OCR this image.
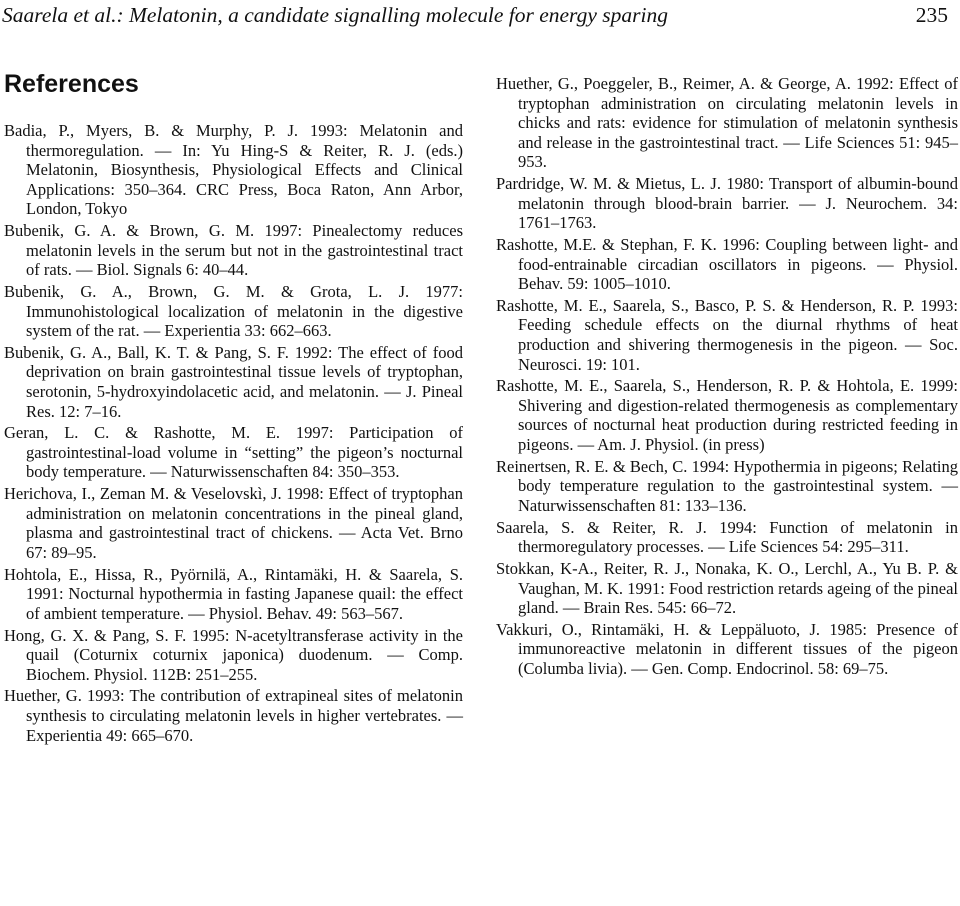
Saarela et al.: Melatonin, a candidate signalling molecule for energy sparing	235
References

Badia, P., Myers, B. & Murphy, P. J. 1993: Melatonin and thermoregulation. — In: Yu Hing-S & Reiter, R. J. (eds.) Melatonin, Biosynthesis, Physiological Effects and Clinical Applications: 350–364. CRC Press, Boca Raton, Ann Arbor, London, Tokyo

Bubenik, G. A. & Brown, G. M. 1997: Pinealectomy reduces melatonin levels in the serum but not in the gastrointestinal tract of rats. — Biol. Signals 6: 40–44.

Bubenik, G. A., Brown, G. M. & Grota, L. J. 1977: Immunohistological localization of melatonin in the digestive system of the rat. — Experientia 33: 662–663.

Bubenik, G. A., Ball, K. T. & Pang, S. F. 1992: The effect of food deprivation on brain gastrointestinal tissue levels of tryptophan, serotonin, 5-hydroxyindolacetic acid, and melatonin. — J. Pineal Res. 12: 7–16.

Geran, L. C. & Rashotte, M. E. 1997: Participation of gastrointestinal-load volume in “setting” the pigeon’s nocturnal body temperature. — Naturwissenschaften 84: 350–353.

Herichova, I., Zeman M. & Veselovskì, J. 1998: Effect of tryptophan administration on melatonin concentrations in the pineal gland, plasma and gastrointestinal tract of chickens. — Acta Vet. Brno 67: 89–95.

Hohtola, E., Hissa, R., Pyörnilä, A., Rintamäki, H. & Saarela, S. 1991: Nocturnal hypothermia in fasting Japanese quail: the effect of ambient temperature. — Physiol. Behav. 49: 563–567.

Hong, G. X. & Pang, S. F. 1995: N-acetyltransferase activity in the quail (Coturnix coturnix japonica) duodenum. — Comp. Biochem. Physiol. 112B: 251–255.

Huether, G. 1993: The contribution of extrapineal sites of melatonin synthesis to circulating melatonin levels in higher vertebrates. — Experientia 49: 665–670.

Huether, G., Poeggeler, B., Reimer, A. & George, A. 1992: Effect of tryptophan administration on circulating melatonin levels in chicks and rats: evidence for stimulation of melatonin synthesis and release in the gastrointestinal tract. — Life Sciences 51: 945–953.

Pardridge, W. M. & Mietus, L. J. 1980: Transport of albumin-bound melatonin through blood-brain barrier. — J. Neurochem. 34: 1761–1763.

Rashotte, M.E. & Stephan, F. K. 1996: Coupling between light- and food-entrainable circadian oscillators in pigeons. — Physiol. Behav. 59: 1005–1010.

Rashotte, M. E., Saarela, S., Basco, P. S. & Henderson, R. P. 1993: Feeding schedule effects on the diurnal rhythms of heat production and shivering thermogenesis in the pigeon. — Soc. Neurosci. 19: 101.

Rashotte, M. E., Saarela, S., Henderson, R. P. & Hohtola, E. 1999: Shivering and digestion-related thermogenesis as complementary sources of nocturnal heat production during restricted feeding in pigeons. — Am. J. Physiol. (in press)

Reinertsen, R. E. & Bech, C. 1994: Hypothermia in pigeons; Relating body temperature regulation to the gastrointestinal system. — Naturwissenschaften 81: 133–136.

Saarela, S. & Reiter, R. J. 1994: Function of melatonin in thermoregulatory processes. — Life Sciences 54: 295–311.

Stokkan, K-A., Reiter, R. J., Nonaka, K. O., Lerchl, A., Yu B. P. & Vaughan, M. K. 1991: Food restriction retards ageing of the pineal gland. — Brain Res. 545: 66–72.

Vakkuri, O., Rintamäki, H. & Leppäluoto, J. 1985: Presence of immunoreactive melatonin in different tissues of the pigeon (Columba livia). — Gen. Comp. Endocrinol. 58: 69–75.
